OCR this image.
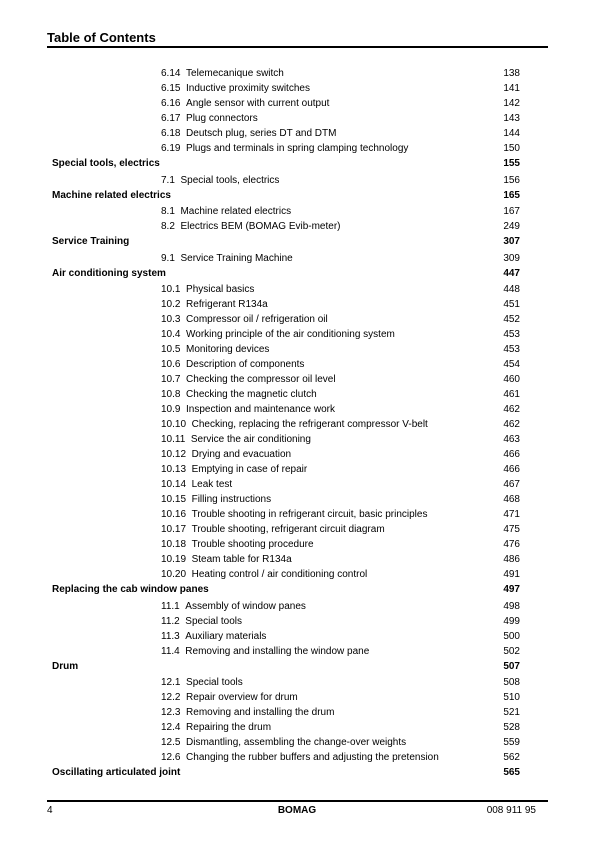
Table of Contents
6.14 Telemecanique switch	138
6.15 Inductive proximity switches	141
6.16 Angle sensor with current output	142
6.17 Plug connectors	143
6.18 Deutsch plug, series DT and DTM	144
6.19 Plugs and terminals in spring clamping technology	150
Special tools, electrics	155
7.1 Special tools, electrics	156
Machine related electrics	165
8.1 Machine related electrics	167
8.2 Electrics BEM (BOMAG Evib-meter)	249
Service Training	307
9.1 Service Training Machine	309
Air conditioning system	447
10.1 Physical basics	448
10.2 Refrigerant R134a	451
10.3 Compressor oil / refrigeration oil	452
10.4 Working principle of the air conditioning system	453
10.5 Monitoring devices	453
10.6 Description of components	454
10.7 Checking the compressor oil level	460
10.8 Checking the magnetic clutch	461
10.9 Inspection and maintenance work	462
10.10 Checking, replacing the refrigerant compressor V-belt	462
10.11 Service the air conditioning	463
10.12 Drying and evacuation	466
10.13 Emptying in case of repair	466
10.14 Leak test	467
10.15 Filling instructions	468
10.16 Trouble shooting in refrigerant circuit, basic principles	471
10.17 Trouble shooting, refrigerant circuit diagram	475
10.18 Trouble shooting procedure	476
10.19 Steam table for R134a	486
10.20 Heating control / air conditioning control	491
Replacing the cab window panes	497
11.1 Assembly of window panes	498
11.2 Special tools	499
11.3 Auxiliary materials	500
11.4 Removing and installing the window pane	502
Drum	507
12.1 Special tools	508
12.2 Repair overview for drum	510
12.3 Removing and installing the drum	521
12.4 Repairing the drum	528
12.5 Dismantling, assembling the change-over weights	559
12.6 Changing the rubber buffers and adjusting the pretension	562
Oscillating articulated joint	565
4	BOMAG	008 911 95
